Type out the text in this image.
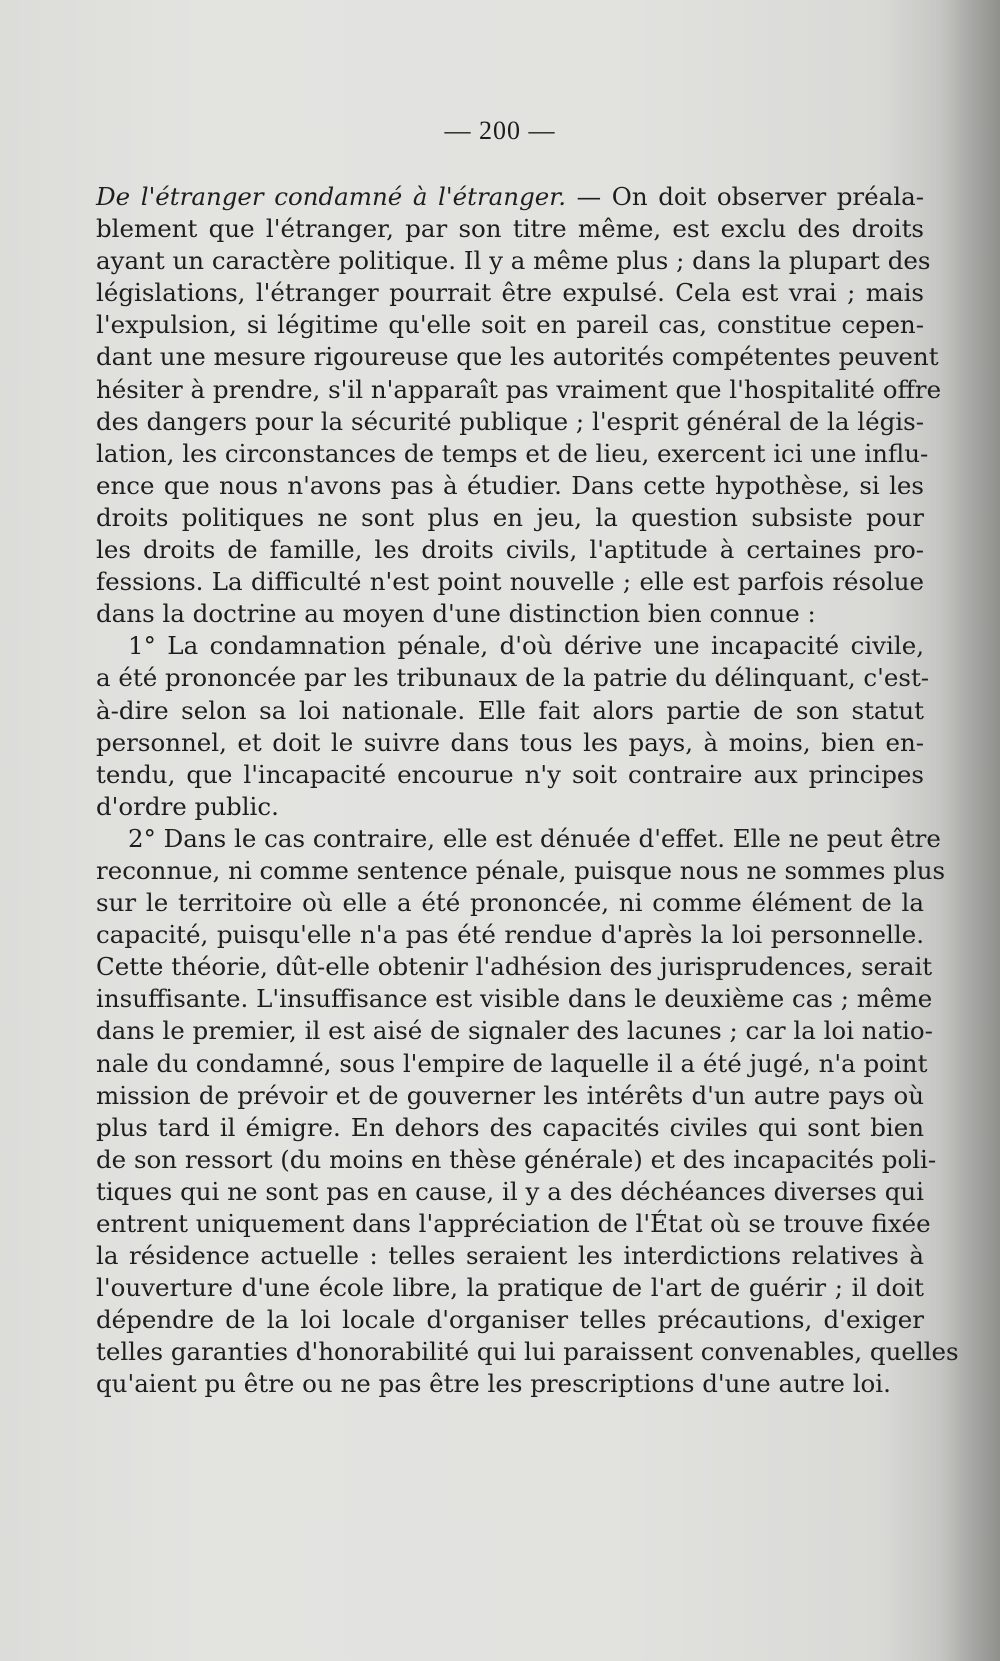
— 200 —
De l'étranger condamné à l'étranger. — On doit observer préala-
blement que l'étranger, par son titre même, est exclu des droits
ayant un caractère politique. Il y a même plus ; dans la plupart des
législations, l'étranger pourrait être expulsé. Cela est vrai ; mais
l'expulsion, si légitime qu'elle soit en pareil cas, constitue cepen-
dant une mesure rigoureuse que les autorités compétentes peuvent
hésiter à prendre, s'il n'apparaît pas vraiment que l'hospitalité offre
des dangers pour la sécurité publique ; l'esprit général de la légis-
lation, les circonstances de temps et de lieu, exercent ici une influ-
ence que nous n'avons pas à étudier. Dans cette hypothèse, si les
droits politiques ne sont plus en jeu, la question subsiste pour
les droits de famille, les droits civils, l'aptitude à certaines pro-
fessions. La difficulté n'est point nouvelle ; elle est parfois résolue
dans la doctrine au moyen d'une distinction bien connue :
1° La condamnation pénale, d'où dérive une incapacité civile,
a été prononcée par les tribunaux de la patrie du délinquant, c'est-
à-dire selon sa loi nationale. Elle fait alors partie de son statut
personnel, et doit le suivre dans tous les pays, à moins, bien en-
tendu, que l'incapacité encourue n'y soit contraire aux principes
d'ordre public.
2° Dans le cas contraire, elle est dénuée d'effet. Elle ne peut être
reconnue, ni comme sentence pénale, puisque nous ne sommes plus
sur le territoire où elle a été prononcée, ni comme élément de la
capacité, puisqu'elle n'a pas été rendue d'après la loi personnelle.
Cette théorie, dût-elle obtenir l'adhésion des jurisprudences, serait
insuffisante. L'insuffisance est visible dans le deuxième cas ; même
dans le premier, il est aisé de signaler des lacunes ; car la loi natio-
nale du condamné, sous l'empire de laquelle il a été jugé, n'a point
mission de prévoir et de gouverner les intérêts d'un autre pays où
plus tard il émigre. En dehors des capacités civiles qui sont bien
de son ressort (du moins en thèse générale) et des incapacités poli-
tiques qui ne sont pas en cause, il y a des déchéances diverses qui
entrent uniquement dans l'appréciation de l'État où se trouve fixée
la résidence actuelle : telles seraient les interdictions relatives à
l'ouverture d'une école libre, la pratique de l'art de guérir ; il doit
dépendre de la loi locale d'organiser telles précautions, d'exiger
telles garanties d'honorabilité qui lui paraissent convenables, quelles
qu'aient pu être ou ne pas être les prescriptions d'une autre loi.
